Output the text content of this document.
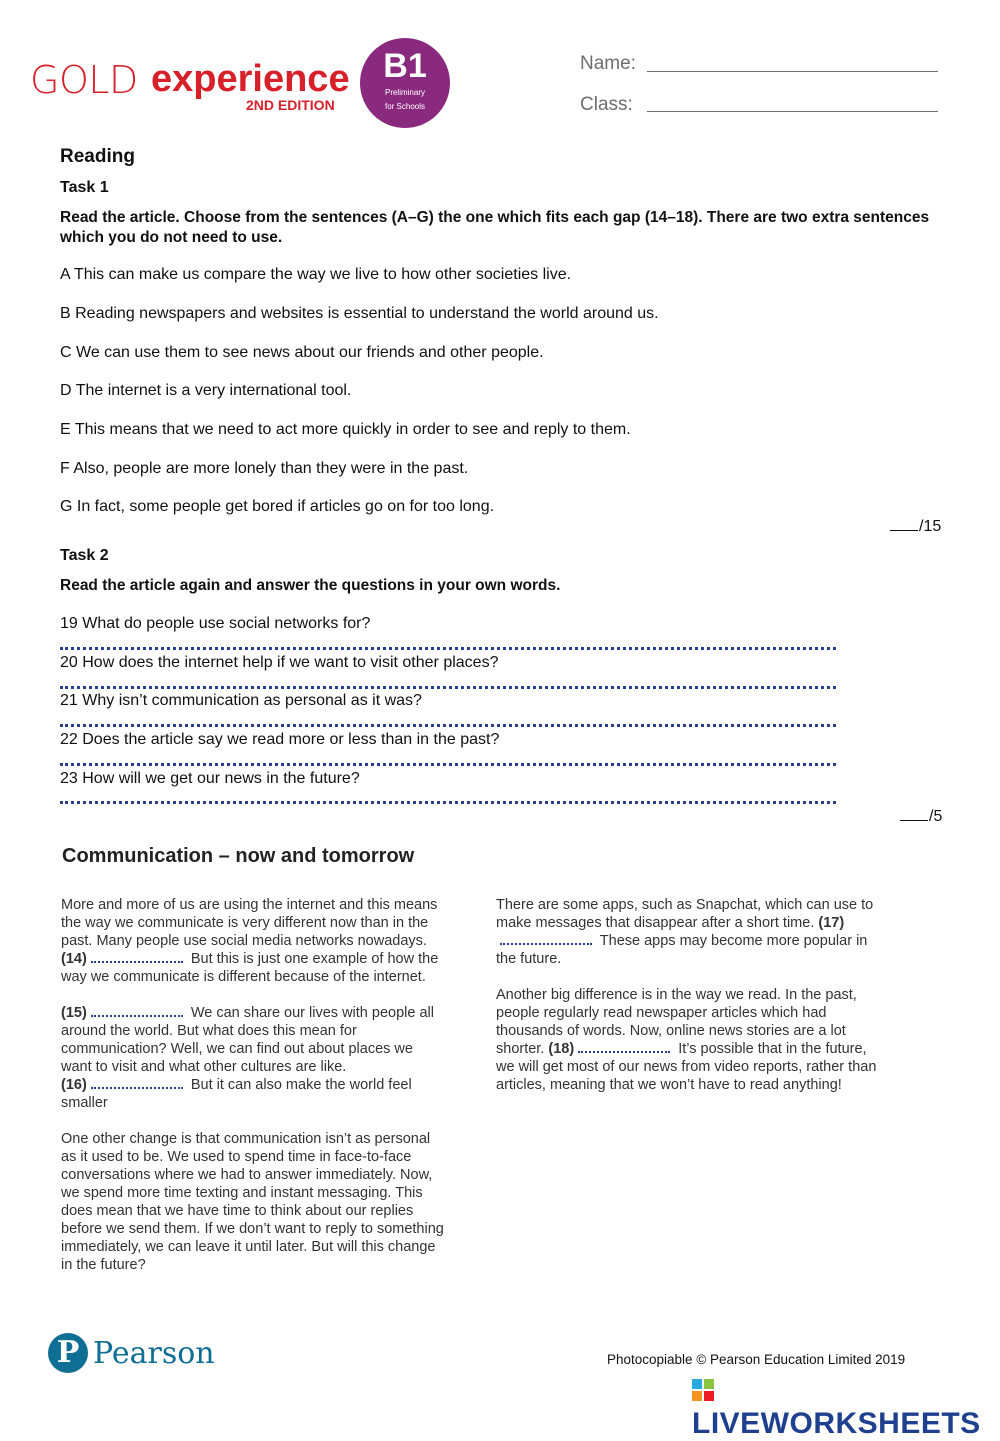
GOLD experience
2ND EDITION
B1
Preliminary
for Schools
Name:
Class:
Reading
Task 1
Read the article. Choose from the sentences (A–G) the one which fits each gap (14–18). There are two extra sentences which you do not need to use.
A This can make us compare the way we live to how other societies live.
B Reading newspapers and websites is essential to understand the world around us.
C We can use them to see news about our friends and other people.
D The internet is a very international tool.
E This means that we need to act more quickly in order to see and reply to them.
F Also, people are more lonely than they were in the past.
G In fact, some people get bored if articles go on for too long.
/15
Task 2
Read the article again and answer the questions in your own words.
19 What do people use social networks for?
20 How does the internet help if we want to visit other places?
21 Why isn’t communication as personal as it was?
22 Does the article say we read more or less than in the past?
23 How will we get our news in the future?
/5
Communication – now and tomorrow

More and more of us are using the internet and this means the way we communicate is very different now than in the past. Many people use social media networks nowadays. (14)	But this is just one example of how the way we communicate is different because of the internet.

(15)	We can share our lives with people all around the world. But what does this mean for communication? Well, we can find out about places we want to visit and what other cultures are like.
(16)	But it can also make the world feel smaller

One other change is that communication isn’t as personal as it used to be. We used to spend time in face-to-face conversations where we had to answer immediately. Now, we spend more time texting and instant messaging. This does mean that we have time to think about our replies before we send them. If we don’t want to reply to something immediately, we can leave it until later. But will this change in the future?

There are some apps, such as Snapchat, which can use to make messages that disappear after a short time. (17) These apps may become more popular in the future.

Another big difference is in the way we read. In the past, people regularly read newspaper articles which had thousands of words. Now, online news stories are a lot shorter. (18)	It’s possible that in the future, we will get most of our news from video reports, rather than articles, meaning that we won’t have to read anything!

P Pearson	Photocopiable © Pearson Education Limited 2019
LIVEWORKSHEETS
